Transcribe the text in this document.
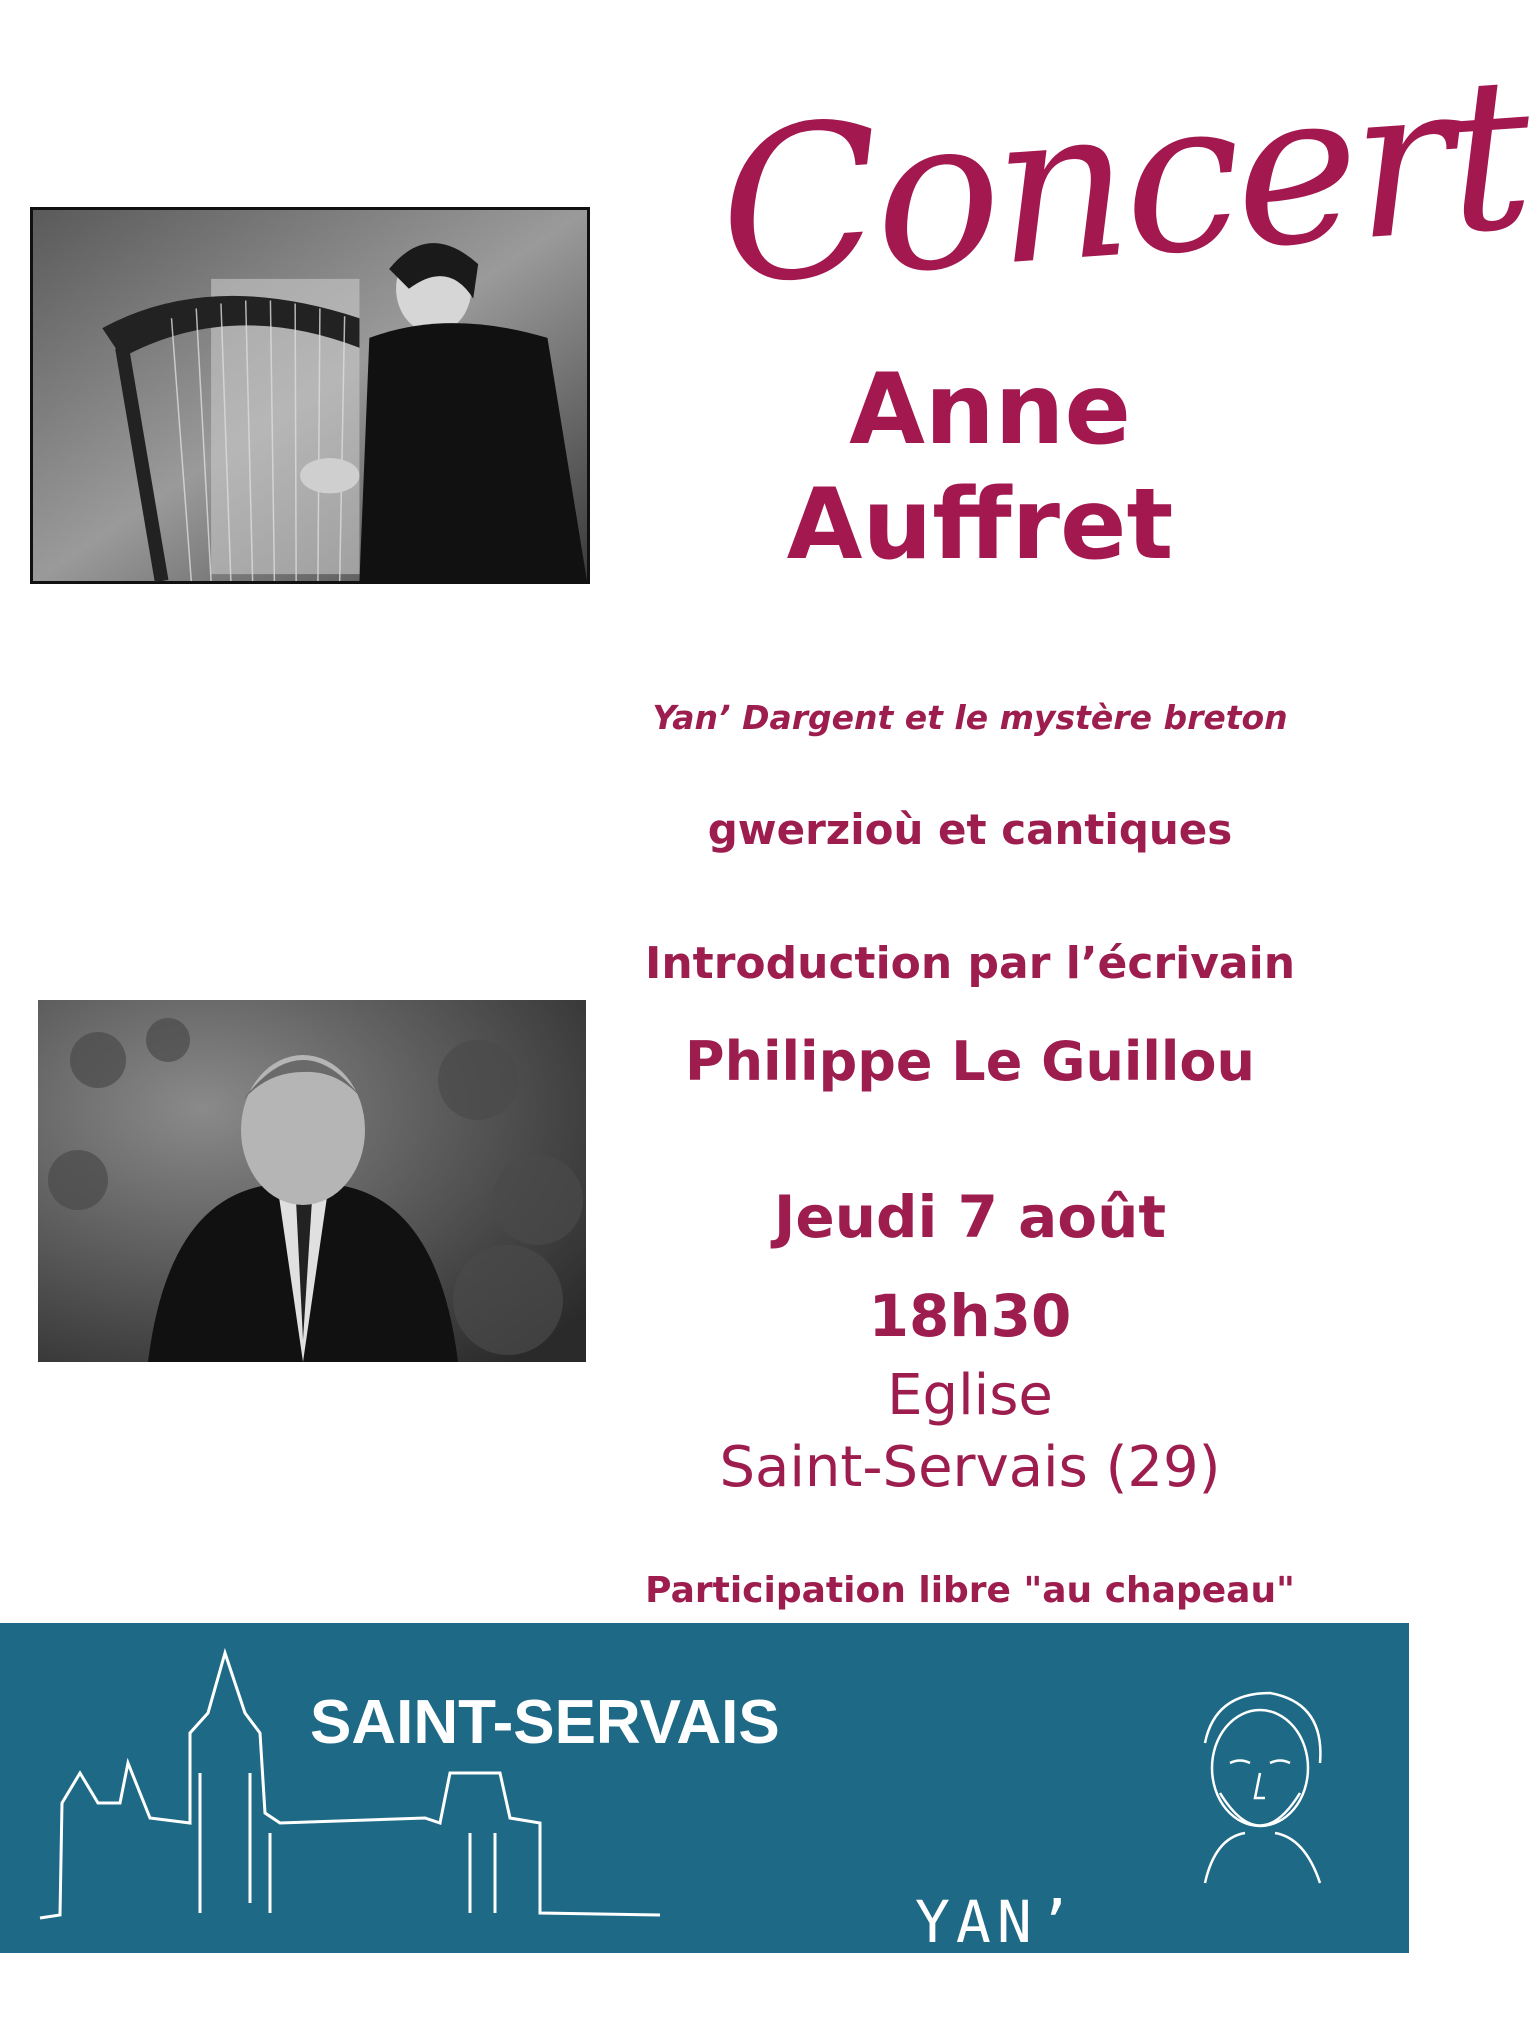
Concert
Anne
Auffret
Yan’ Dargent et le mystère breton
gwerzioù et cantiques
Introduction par l’écrivain
Philippe Le Guillou
Jeudi 7 août
18h30
Eglise
Saint-Servais (29)
Participation libre "au chapeau"
SAINT-SERVAIS
YAN’ DARGENT
